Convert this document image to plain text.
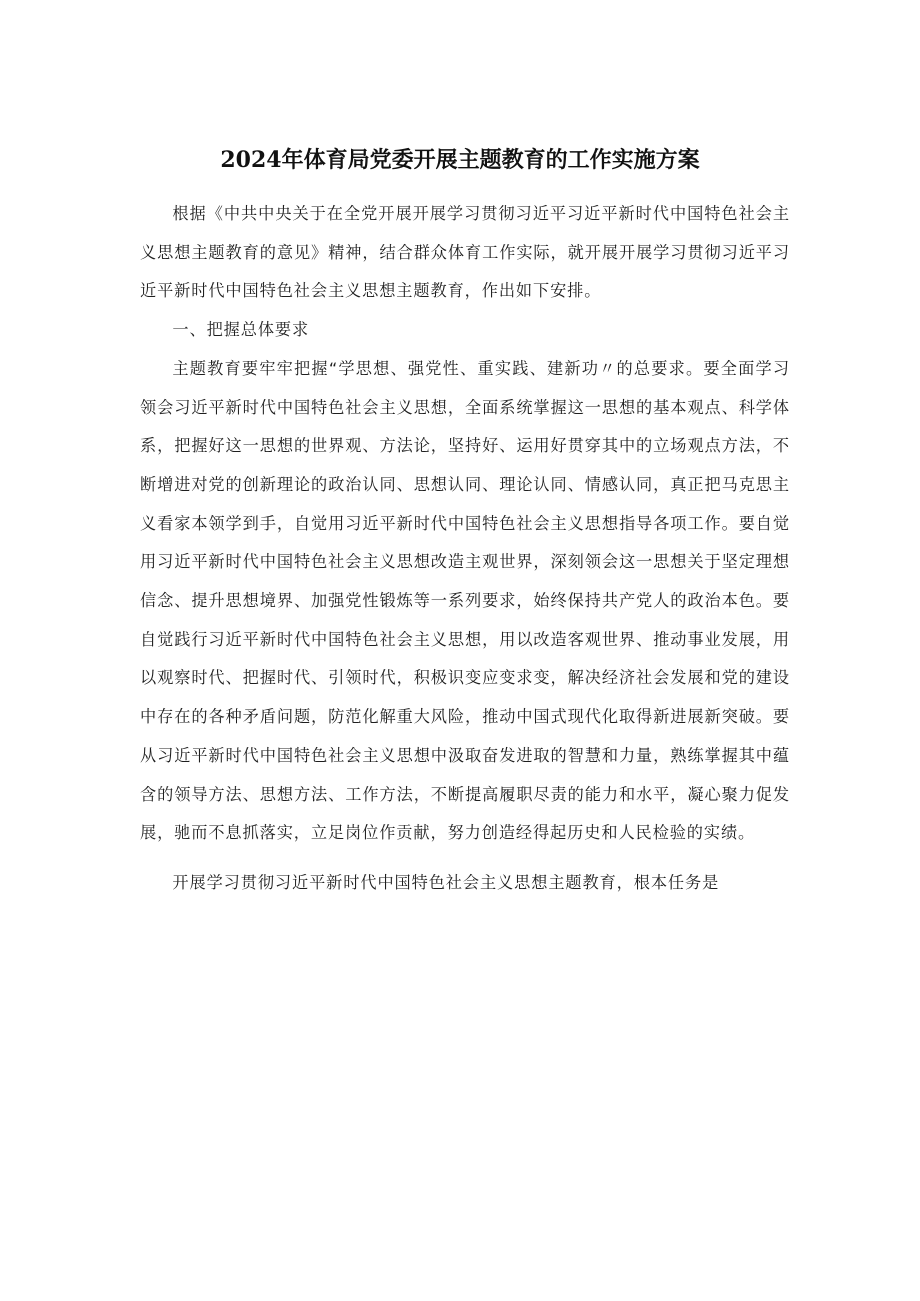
2024年体育局党委开展主题教育的工作实施方案

根据《中共中央关于在全党开展开展学习贯彻习近平习近平新时代中国特色社会主义思想主题教育的意见》精神，结合群众体育工作实际，就开展开展学习贯彻习近平习近平新时代中国特色社会主义思想主题教育，作出如下安排。

一、把握总体要求

主题教育要牢牢把握“学思想、强党性、重实践、建新功〃的总要求。要全面学习领会习近平新时代中国特色社会主义思想，全面系统掌握这一思想的基本观点、科学体系，把握好这一思想的世界观、方法论，坚持好、运用好贯穿其中的立场观点方法，不断增进对党的创新理论的政治认同、思想认同、理论认同、情感认同，真正把马克思主义看家本领学到手，自觉用习近平新时代中国特色社会主义思想指导各项工作。要自觉用习近平新时代中国特色社会主义思想改造主观世界，深刻领会这一思想关于坚定理想信念、提升思想境界、加强党性锻炼等一系列要求，始终保持共产党人的政治本色。要自觉践行习近平新时代中国特色社会主义思想，用以改造客观世界、推动事业发展，用以观察时代、把握时代、引领时代，积极识变应变求变，解决经济社会发展和党的建设中存在的各种矛盾问题，防范化解重大风险，推动中国式现代化取得新进展新突破。要从习近平新时代中国特色社会主义思想中汲取奋发进取的智慧和力量，熟练掌握其中蕴含的领导方法、思想方法、工作方法，不断提高履职尽责的能力和水平，凝心聚力促发展，驰而不息抓落实，立足岗位作贡献，努力创造经得起历史和人民检验的实绩。

开展学习贯彻习近平新时代中国特色社会主义思想主题教育，根本任务是
